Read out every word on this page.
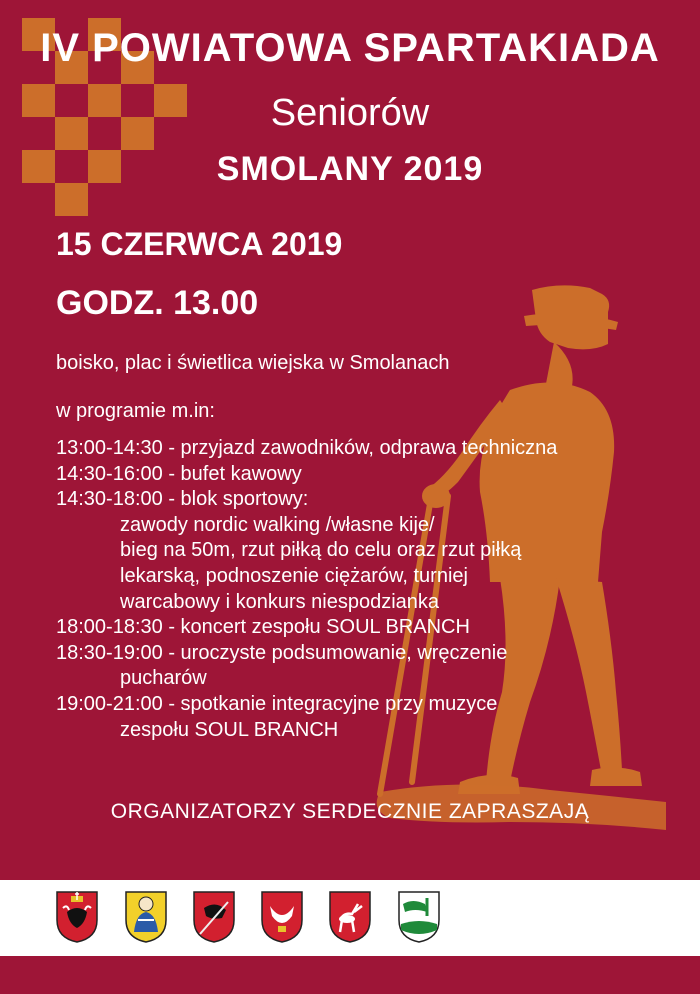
IV POWIATOWA SPARTAKIADA
Seniorów
SMOLANY 2019
15 CZERWCA 2019
GODZ. 13.00
boisko, plac i świetlica wiejska w Smolanach
w programie m.in:
13:00-14:30 - przyjazd zawodników, odprawa techniczna
14:30-16:00 - bufet kawowy
14:30-18:00 - blok sportowy:
zawody nordic walking /własne kije/
bieg na 50m, rzut piłką do celu oraz rzut piłką
lekarską, podnoszenie ciężarów, turniej
warcabowy i konkurs niespodzianka
18:00-18:30 - koncert zespołu SOUL BRANCH
18:30-19:00 - uroczyste podsumowanie, wręczenie
pucharów
19:00-21:00 - spotkanie integracyjne przy muzyce
zespołu SOUL BRANCH
ORGANIZATORZY SERDECZNIE ZAPRASZAJĄ
